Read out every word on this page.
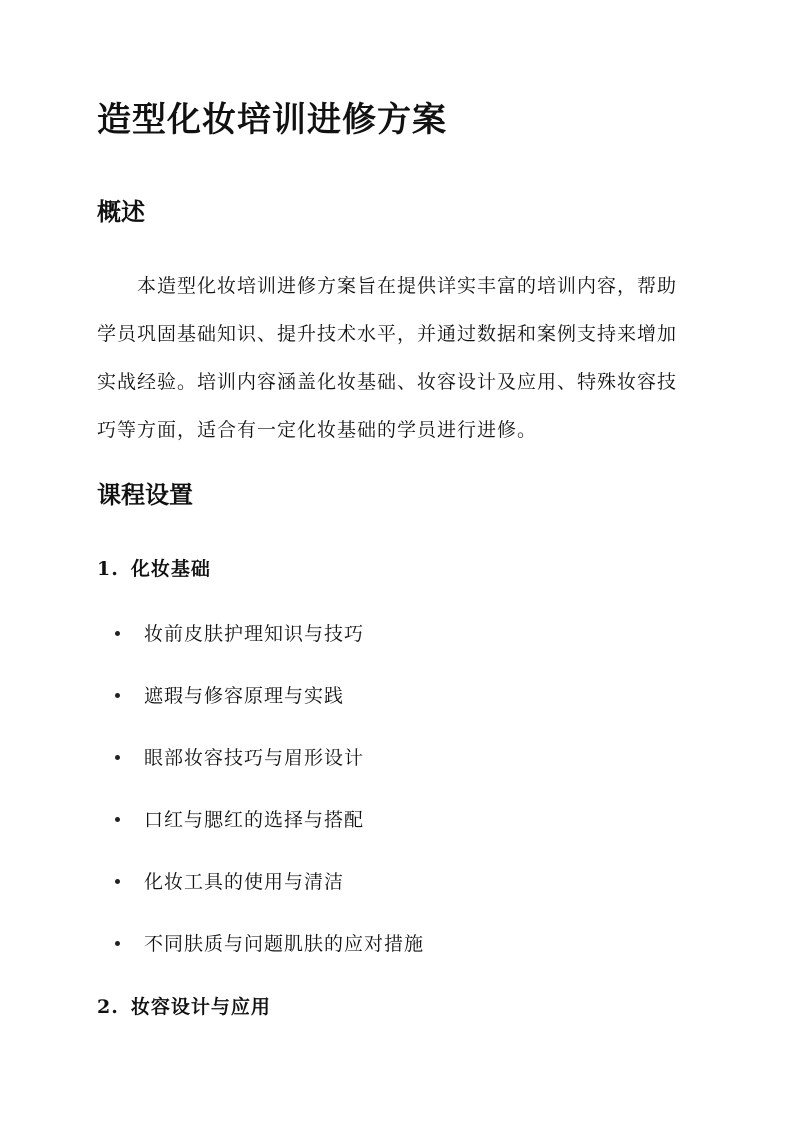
造型化妆培训进修方案
概述

本造型化妆培训进修方案旨在提供详实丰富的培训内容，帮助
学员巩固基础知识、提升技术水平，并通过数据和案例支持来增加
实战经验。培训内容涵盖化妆基础、妆容设计及应用、特殊妆容技
巧等方面，适合有一定化妆基础的学员进行进修。

课程设置
1. 化妆基础
妆前皮肤护理知识与技巧
遮瑕与修容原理与实践
眼部妆容技巧与眉形设计
口红与腮红的选择与搭配
化妆工具的使用与清洁
不同肤质与问题肌肤的应对措施
2. 妆容设计与应用
